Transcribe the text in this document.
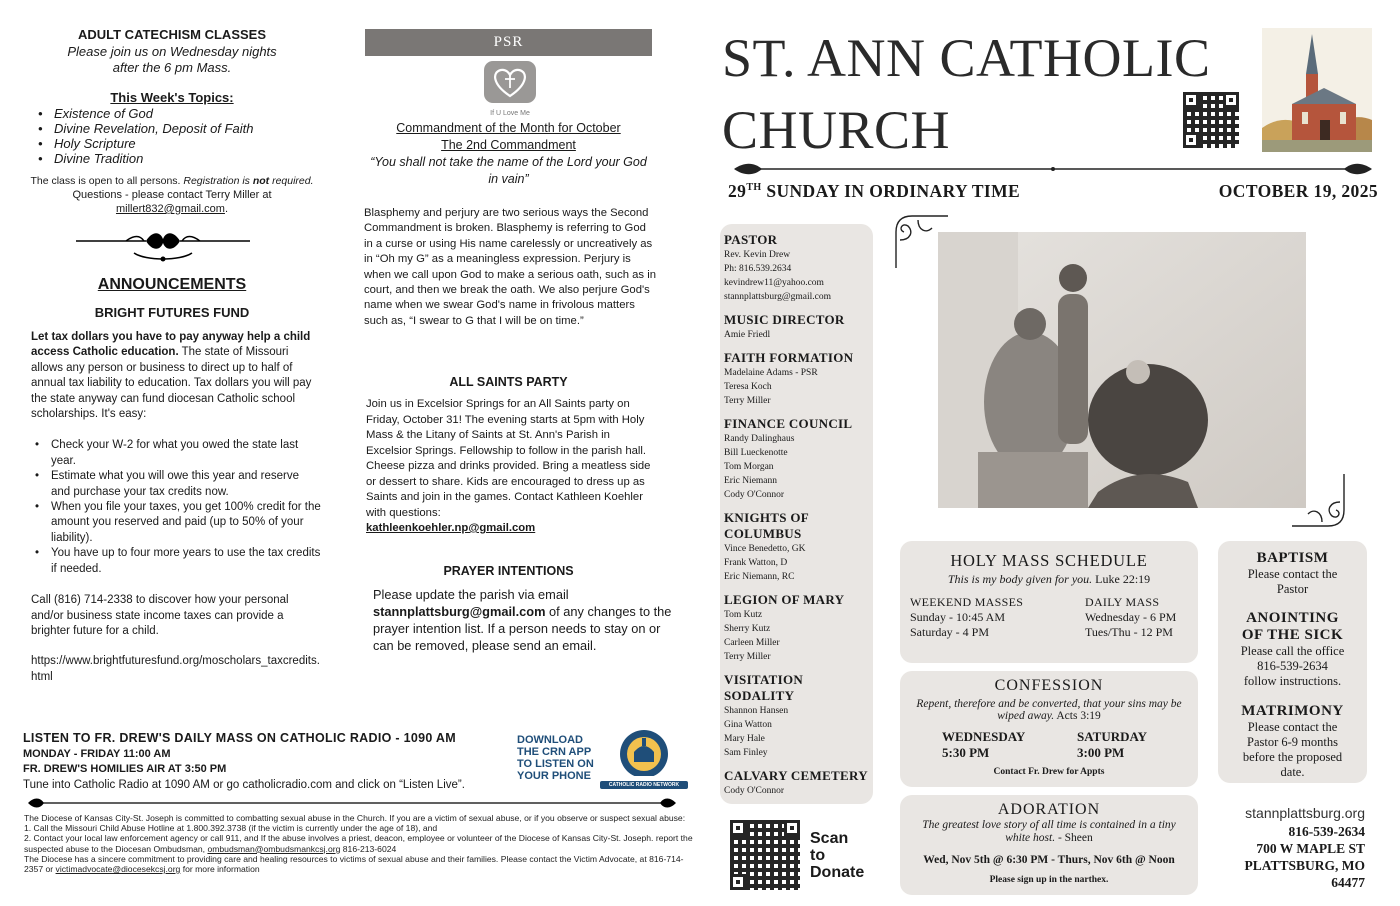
ADULT CATECHISM CLASSES
Please join us on Wednesday nights
after the 6 pm Mass.
This Week's Topics:
• Existence of God
• Divine Revelation, Deposit of Faith
• Holy Scripture
• Divine Tradition
The class is open to all persons. Registration is not required.
Questions - please contact Terry Miller at
millert832@gmail.com.
ANNOUNCEMENTS
BRIGHT FUTURES FUND

Let tax dollars you have to pay anyway help a child access Catholic education. The state of Missouri allows any person or business to direct up to half of annual tax liability to education. Tax dollars you will pay the state anyway can fund diocesan Catholic school scholarships. It's easy:

• Check your W-2 for what you owed the state last year.
• Estimate what you will owe this year and reserve and purchase your tax credits now.
• When you file your taxes, you get 100% credit for the amount you reserved and paid (up to 50% of your liability).
• You have up to four more years to use the tax credits if needed.

Call (816) 714-2338 to discover how your personal and/or business state income taxes can provide a brighter future for a child.

https://www.brightfuturesfund.org/moscholars_taxcredits.html

PSR
If U Love Me
Commandment of the Month for October
The 2nd Commandment
“You shall not take the name of the Lord your God in vain”

Blasphemy and perjury are two serious ways the Second Commandment is broken. Blasphemy is referring to God in a curse or using His name carelessly or uncreatively as in “Oh my G” as a meaningless expression. Perjury is when we call upon God to make a serious oath, such as in court, and then we break the oath. We also perjure God's name when we swear God's name in frivolous matters such as, “I swear to G that I will be on time.”

ALL SAINTS PARTY
Join us in Excelsior Springs for an All Saints party on Friday, October 31! The evening starts at 5pm with Holy Mass & the Litany of Saints at St. Ann's Parish in Excelsior Springs. Fellowship to follow in the parish hall. Cheese pizza and drinks provided. Bring a meatless side or dessert to share. Kids are encouraged to dress up as Saints and join in the games. Contact Kathleen Koehler with questions:
kathleenkoehler.np@gmail.com
PRAYER INTENTIONS
Please update the parish via email stannplattsburg@gmail.com of any changes to the prayer intention list. If a person needs to stay on or can be removed, please send an email.
LISTEN TO FR. DREW'S DAILY MASS ON CATHOLIC RADIO - 1090 AM
MONDAY - FRIDAY 11:00 AM
FR. DREW'S HOMILIES AIR AT 3:50 PM
Tune into Catholic Radio at 1090 AM or go catholicradio.com and click on “Listen Live”.
DOWNLOAD
THE CRN APP
TO LISTEN ON
YOUR PHONE
CATHOLIC RADIO NETWORK
The Diocese of Kansas City-St. Joseph is committed to combatting sexual abuse in the Church. If you are a victim of sexual abuse, or if you observe or suspect sexual abuse:
1. Call the Missouri Child Abuse Hotline at 1.800.392.3738 (if the victim is currently under the age of 18), and
2. Contact your local law enforcement agency or call 911, and If the abuse involves a priest, deacon, employee or volunteer of the Diocese of Kansas City-St. Joseph. report the suspected abuse to the Diocesan Ombudsman, ombudsman@ombudsmankcsj.org 816-213-6024
The Diocese has a sincere commitment to providing care and healing resources to victims of sexual abuse and their families. Please contact the Victim Advocate, at 816-714-2357 or victimadvocate@diocesekcsj.org for more information
ST. ANN CATHOLIC
CHURCH
29TH SUNDAY IN ORDINARY TIME	OCTOBER 19, 2025
PASTOR

Rev. Kevin Drew

Ph: 816.539.2634

kevindrew11@yahoo.com

stannplattsburg@gmail.com

MUSIC DIRECTOR

Amie Friedl

FAITH FORMATION

Madelaine Adams - PSR

Teresa Koch

Terry Miller

FINANCE COUNCIL

Randy Dalinghaus

Bill Lueckenotte

Tom Morgan

Eric Niemann

Cody O'Connor

KNIGHTS OF COLUMBUS

Vince Benedetto, GK

Frank Watton, D

Eric Niemann, RC

LEGION OF MARY

Tom Kutz

Sherry Kutz

Carleen Miller

Terry Miller

VISITATION SODALITY

Shannon Hansen

Gina Watton

Mary Hale

Sam Finley

CALVARY CEMETERY

Cody O'Connor

Scan
to
Donate
HOLY MASS SCHEDULE
This is my body given for you. Luke 22:19
WEEKEND MASSES
Sunday - 10:45 AM
Saturday - 4 PM
DAILY MASS
Wednesday - 6 PM
Tues/Thu - 12 PM
CONFESSION
Repent, therefore and be converted, that your sins may be wiped away. Acts 3:19
WEDNESDAY
5:30 PM
SATURDAY
3:00 PM
Contact Fr. Drew for Appts
ADORATION
The greatest love story of all time is contained in a tiny white host. - Sheen
Wed, Nov 5th @ 6:30 PM - Thurs, Nov 6th @ Noon
Please sign up in the narthex.
BAPTISM
Please contact the Pastor
ANOINTING
OF THE SICK
Please call the office
816-539-2634
follow instructions.
MATRIMONY
Please contact the Pastor 6-9 months before the proposed date.
stannplattsburg.org
816-539-2634
700 W MAPLE ST
PLATTSBURG, MO
64477
